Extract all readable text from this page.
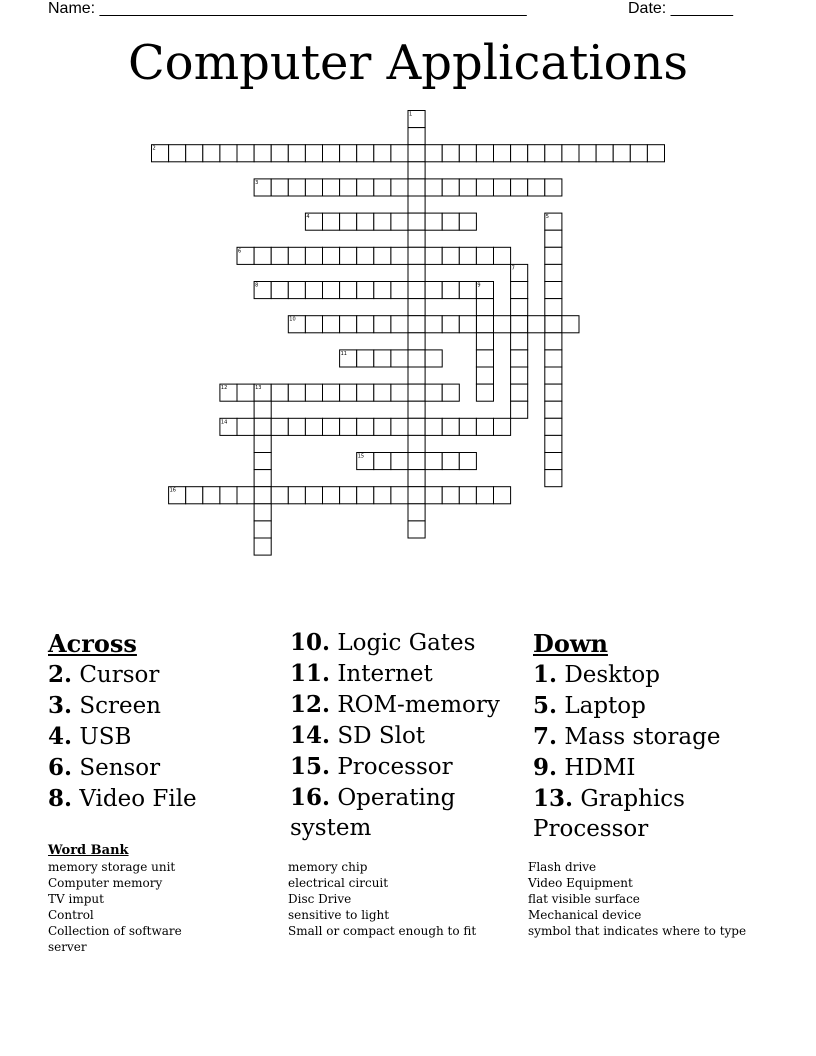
Name: ________________________________________________	Date: _______
Computer Applications
1
2
3
4	5
6
7
8	9
10
11
12	13
14
15
16

Across

2. Cursor

3. Screen

4. USB

6. Sensor

8. Video File

10. Logic Gates

11. Internet

12. ROM-memory

14. SD Slot

15. Processor

16. Operating system

Down

1. Desktop

5. Laptop

7. Mass storage

9. HDMI

13. Graphics Processor

Word Bank
memory storage unit
Computer memory
TV imput
Control
Collection of software
server
memory chip
electrical circuit
Disc Drive
sensitive to light
Small or compact enough to fit
Flash drive
Video Equipment
flat visible surface
Mechanical device
symbol that indicates where to type
